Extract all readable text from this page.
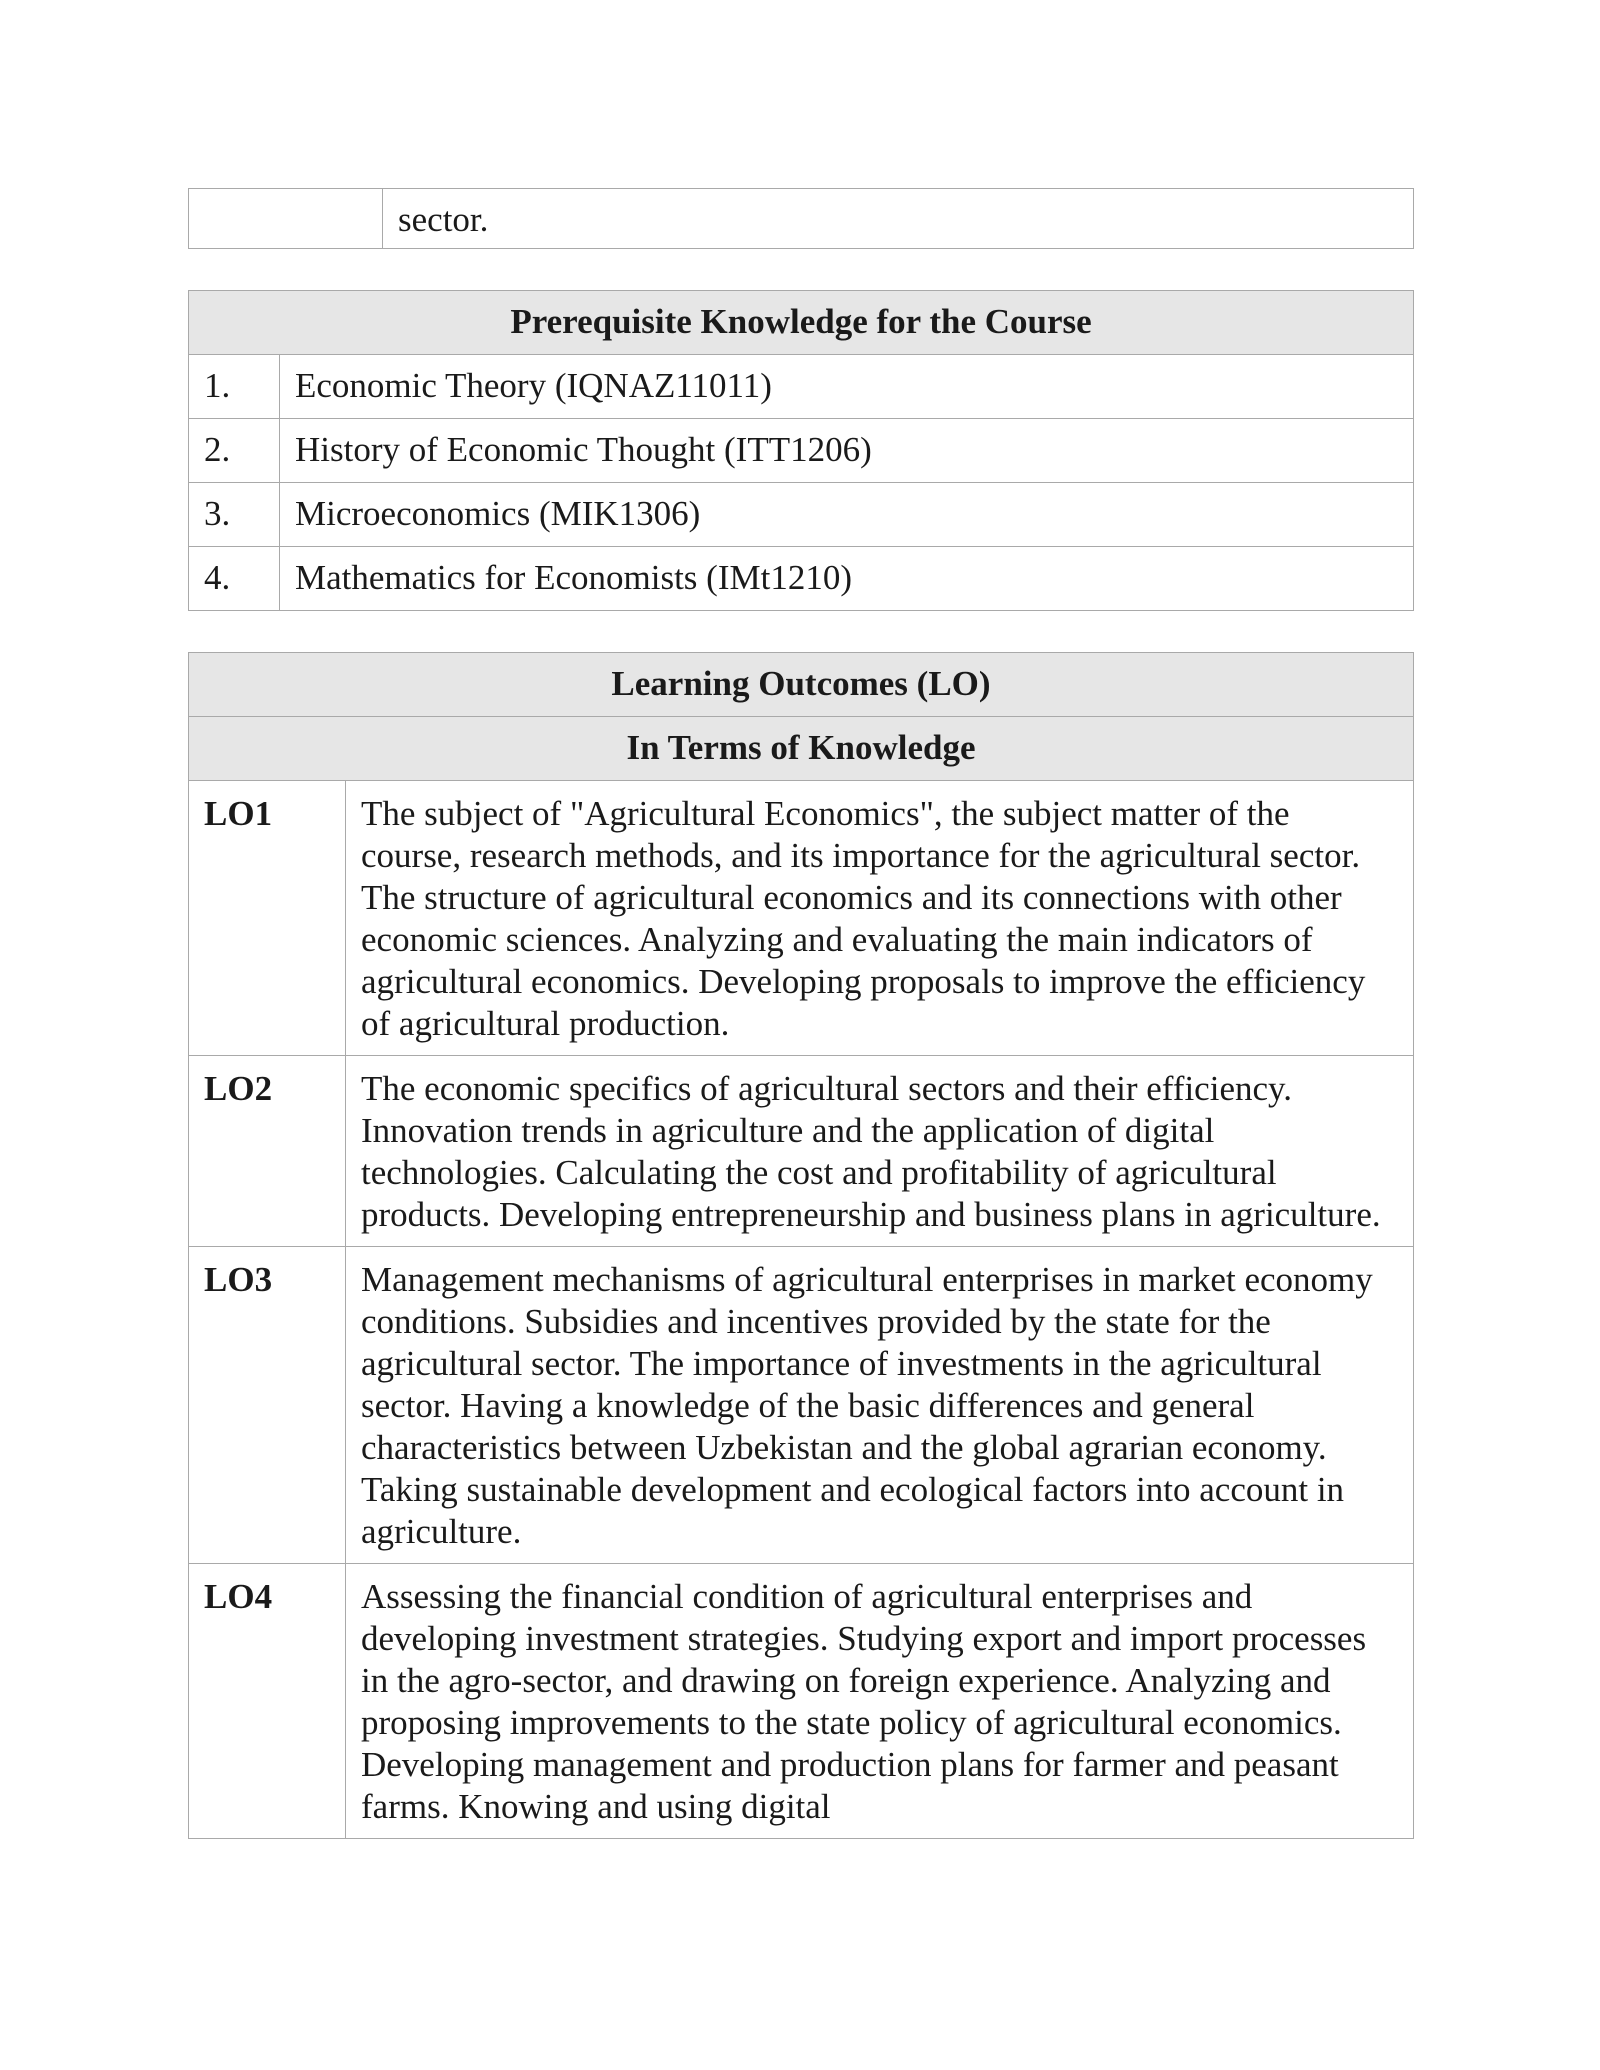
	sector.
Prerequisite Knowledge for the Course	
1.	Economic Theory (IQNAZ11011)
2.	History of Economic Thought (ITT1206)
3.	Microeconomics (MIK1306)
4.	Mathematics for Economists (IMt1210)
Learning Outcomes (LO)	
In Terms of Knowledge	
LO1	The subject of "Agricultural Economics", the subject matter of the course, research methods, and its importance for the agricultural sector. The structure of agricultural economics and its connections with other economic sciences. Analyzing and evaluating the main indicators of agricultural economics. Developing proposals to improve the efficiency of agricultural production.
LO2	The economic specifics of agricultural sectors and their efficiency. Innovation trends in agriculture and the application of digital technologies. Calculating the cost and profitability of agricultural products. Developing entrepreneurship and business plans in agriculture.
LO3	Management mechanisms of agricultural enterprises in market economy conditions. Subsidies and incentives provided by the state for the agricultural sector. The importance of investments in the agricultural sector. Having a knowledge of the basic differences and general characteristics between Uzbekistan and the global agrarian economy. Taking sustainable development and ecological factors into account in agriculture.
LO4	Assessing the financial condition of agricultural enterprises and developing investment strategies. Studying export and import processes in the agro-sector, and drawing on foreign experience. Analyzing and proposing improvements to the state policy of agricultural economics. Developing management and production plans for farmer and peasant farms. Knowing and using digital
